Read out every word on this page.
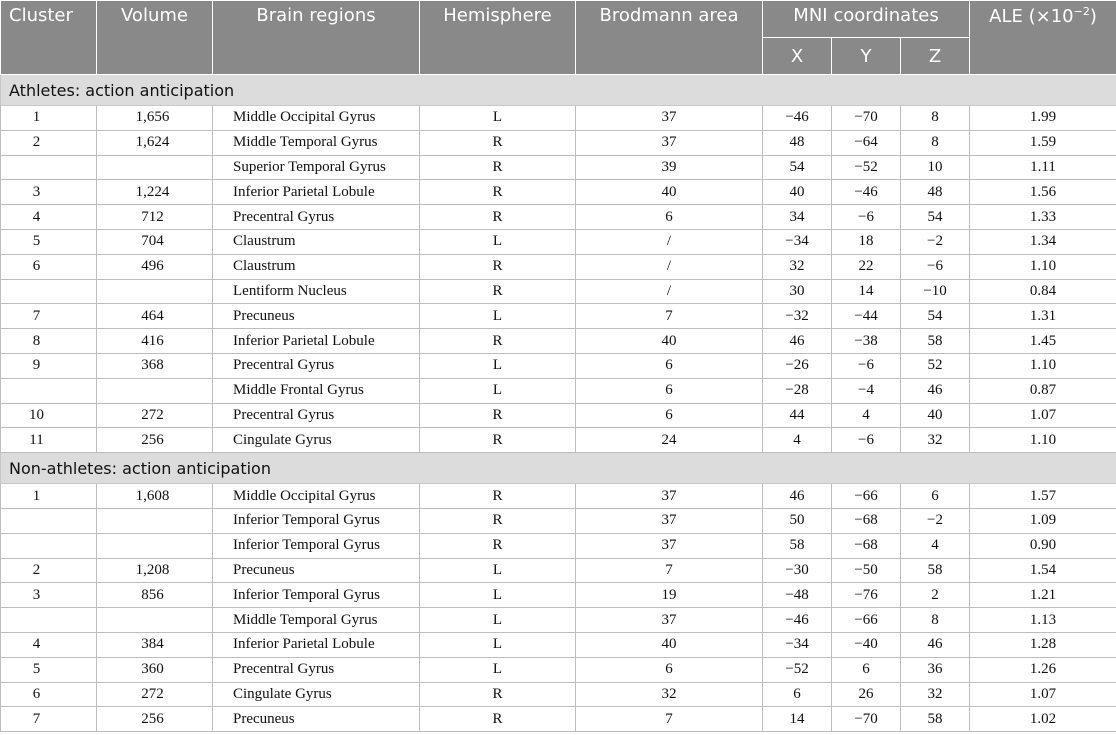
Cluster	Volume	Brain regions	Hemisphere	Brodmann area	MNI coordinates			ALE $(\times 10^{-2})$
					X	Y	Z	
Athletes: action anticipation								
1	1,656	Middle Occipital Gyrus	L	37	−46	−70	8	1.99
2	1,624	Middle Temporal Gyrus	R	37	48	−64	8	1.59
		Superior Temporal Gyrus	R	39	54	−52	10	1.11
3	1,224	Inferior Parietal Lobule	R	40	40	−46	48	1.56
4	712	Precentral Gyrus	R	6	34	−6	54	1.33
5	704	Claustrum	L	/	−34	18	−2	1.34
6	496	Claustrum	R	/	32	22	−6	1.10
		Lentiform Nucleus	R	/	30	14	−10	0.84
7	464	Precuneus	L	7	−32	−44	54	1.31
8	416	Inferior Parietal Lobule	R	40	46	−38	58	1.45
9	368	Precentral Gyrus	L	6	−26	−6	52	1.10
		Middle Frontal Gyrus	L	6	−28	−4	46	0.87
10	272	Precentral Gyrus	R	6	44	4	40	1.07
11	256	Cingulate Gyrus	R	24	4	−6	32	1.10
Non-athletes: action anticipation								
1	1,608	Middle Occipital Gyrus	R	37	46	−66	6	1.57
		Inferior Temporal Gyrus	R	37	50	−68	−2	1.09
		Inferior Temporal Gyrus	R	37	58	−68	4	0.90
2	1,208	Precuneus	L	7	−30	−50	58	1.54
3	856	Inferior Temporal Gyrus	L	19	−48	−76	2	1.21
		Middle Temporal Gyrus	L	37	−46	−66	8	1.13
4	384	Inferior Parietal Lobule	L	40	−34	−40	46	1.28
5	360	Precentral Gyrus	L	6	−52	6	36	1.26
6	272	Cingulate Gyrus	R	32	6	26	32	1.07
7	256	Precuneus	R	7	14	−70	58	1.02
